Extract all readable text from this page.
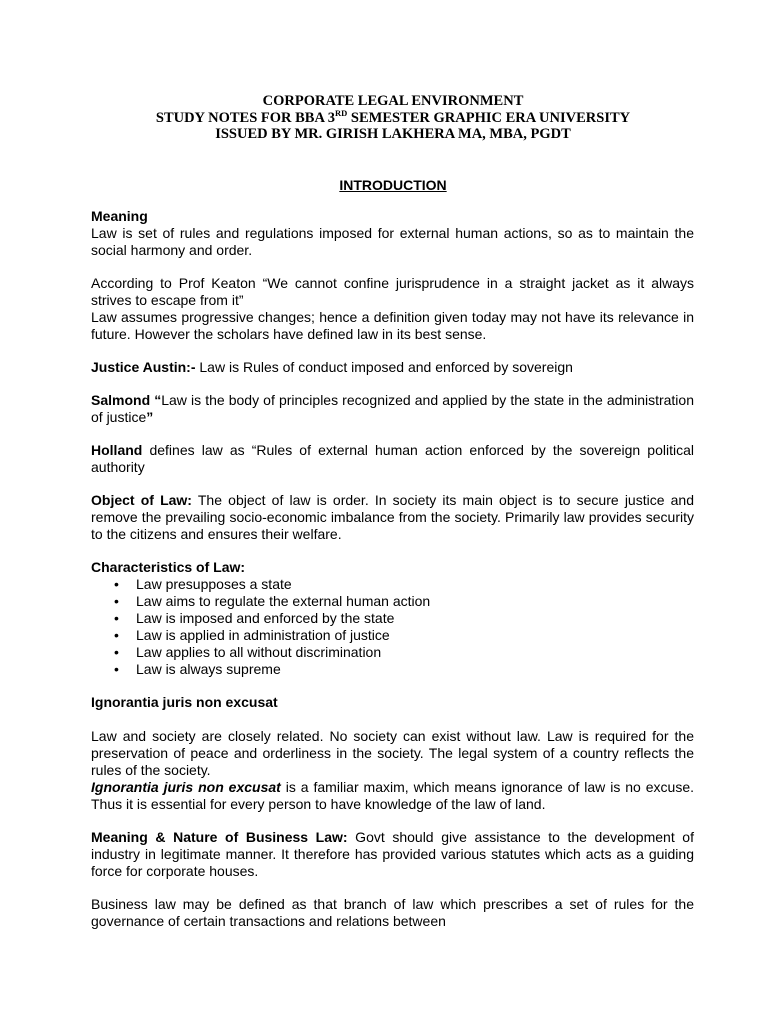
CORPORATE LEGAL ENVIRONMENT
STUDY NOTES FOR BBA 3RD SEMESTER GRAPHIC ERA UNIVERSITY
ISSUED BY MR. GIRISH LAKHERA MA, MBA, PGDT
INTRODUCTION
Meaning

Law is set of rules and regulations imposed for external human actions, so as to maintain the social harmony and order.

According to Prof Keaton “We cannot confine jurisprudence in a straight jacket as it always strives to escape from it”

Law assumes progressive changes; hence a definition given today may not have its relevance in future. However the scholars have defined law in its best sense.

Justice Austin:- Law is Rules of conduct imposed and enforced by sovereign

Salmond “Law is the body of principles recognized and applied by the state in the administration of justice”

Holland defines law as “Rules of external human action enforced by the sovereign political authority

Object of Law: The object of law is order. In society its main object is to secure justice and remove the prevailing socio-economic imbalance from the society. Primarily law provides security to the citizens and ensures their welfare.

Characteristics of Law:
• Law presupposes a state
• Law aims to regulate the external human action
• Law is imposed and enforced by the state
• Law is applied in administration of justice
• Law applies to all without discrimination
• Law is always supreme

Ignorantia juris non excusat

Law and society are closely related. No society can exist without law. Law is required for the preservation of peace and orderliness in the society. The legal system of a country reflects the rules of the society.

Ignorantia juris non excusat is a familiar maxim, which means ignorance of law is no excuse. Thus it is essential for every person to have knowledge of the law of land.

Meaning & Nature of Business Law: Govt should give assistance to the development of industry in legitimate manner. It therefore has provided various statutes which acts as a guiding force for corporate houses.

Business law may be defined as that branch of law which prescribes a set of rules for the governance of certain transactions and relations between
